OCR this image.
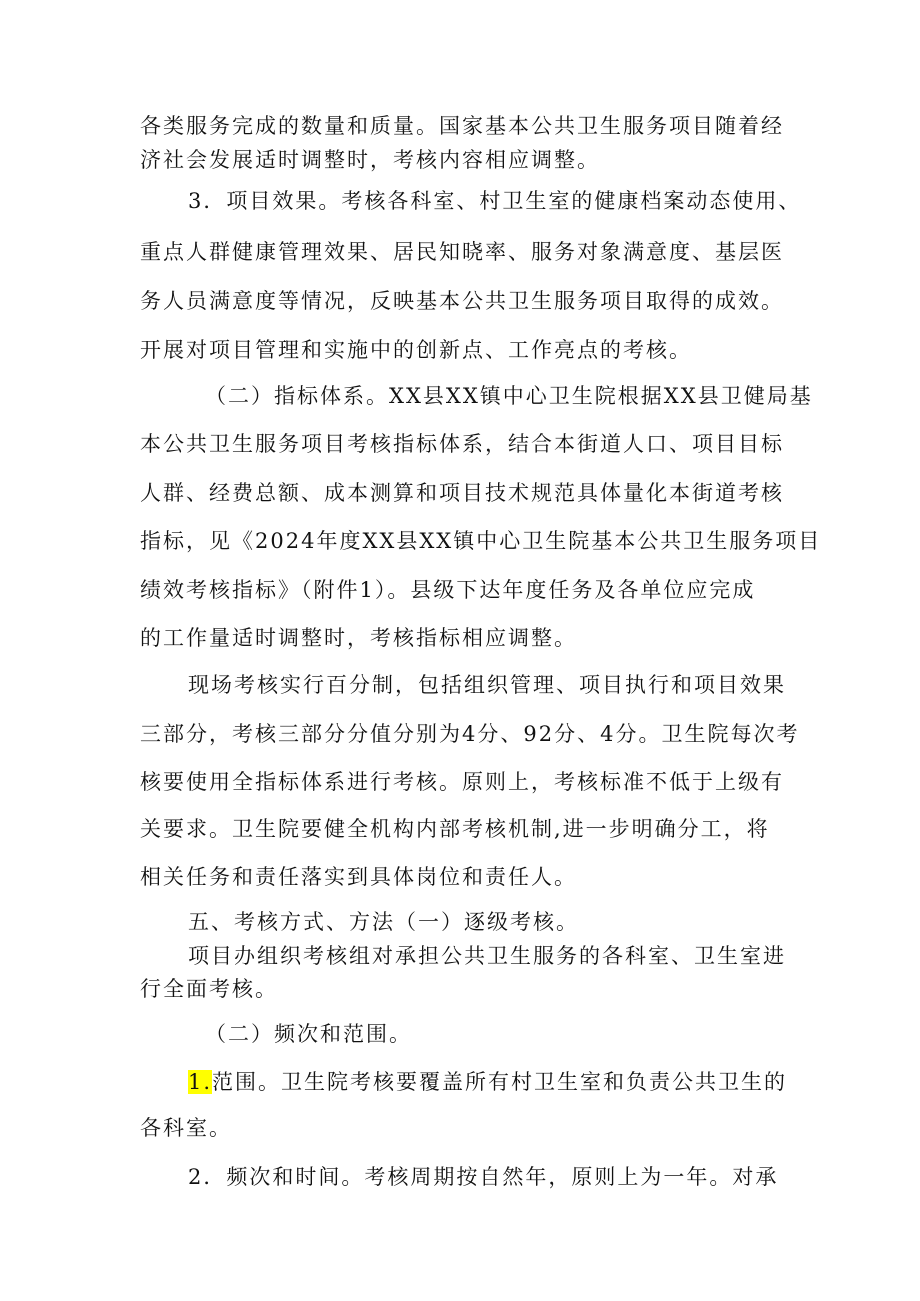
各类服务完成的数量和质量。国家基本公共卫生服务项目随着经
济社会发展适时调整时，考核内容相应调整。
3．项目效果。考核各科室、村卫生室的健康档案动态使用、
重点人群健康管理效果、居民知晓率、服务对象满意度、基层医
务人员满意度等情况，反映基本公共卫生服务项目取得的成效。
开展对项目管理和实施中的创新点、工作亮点的考核。
（二）指标体系。XX县XX镇中心卫生院根据XX县卫健局基
本公共卫生服务项目考核指标体系，结合本街道人口、项目目标
人群、经费总额、成本测算和项目技术规范具体量化本街道考核
指标，见《2024年度XX县XX镇中心卫生院基本公共卫生服务项目
绩效考核指标》（附件1）。县级下达年度任务及各单位应完成
的工作量适时调整时，考核指标相应调整。
现场考核实行百分制，包括组织管理、项目执行和项目效果
三部分，考核三部分分值分别为4分、92分、4分。卫生院每次考
核要使用全指标体系进行考核。原则上，考核标准不低于上级有
关要求。卫生院要健全机构内部考核机制,进一步明确分工，将
相关任务和责任落实到具体岗位和责任人。
五、考核方式、方法（一）逐级考核。
项目办组织考核组对承担公共卫生服务的各科室、卫生室进
行全面考核。
（二）频次和范围。
1.范围。卫生院考核要覆盖所有村卫生室和负责公共卫生的
各科室。
2．频次和时间。考核周期按自然年，原则上为一年。对承
